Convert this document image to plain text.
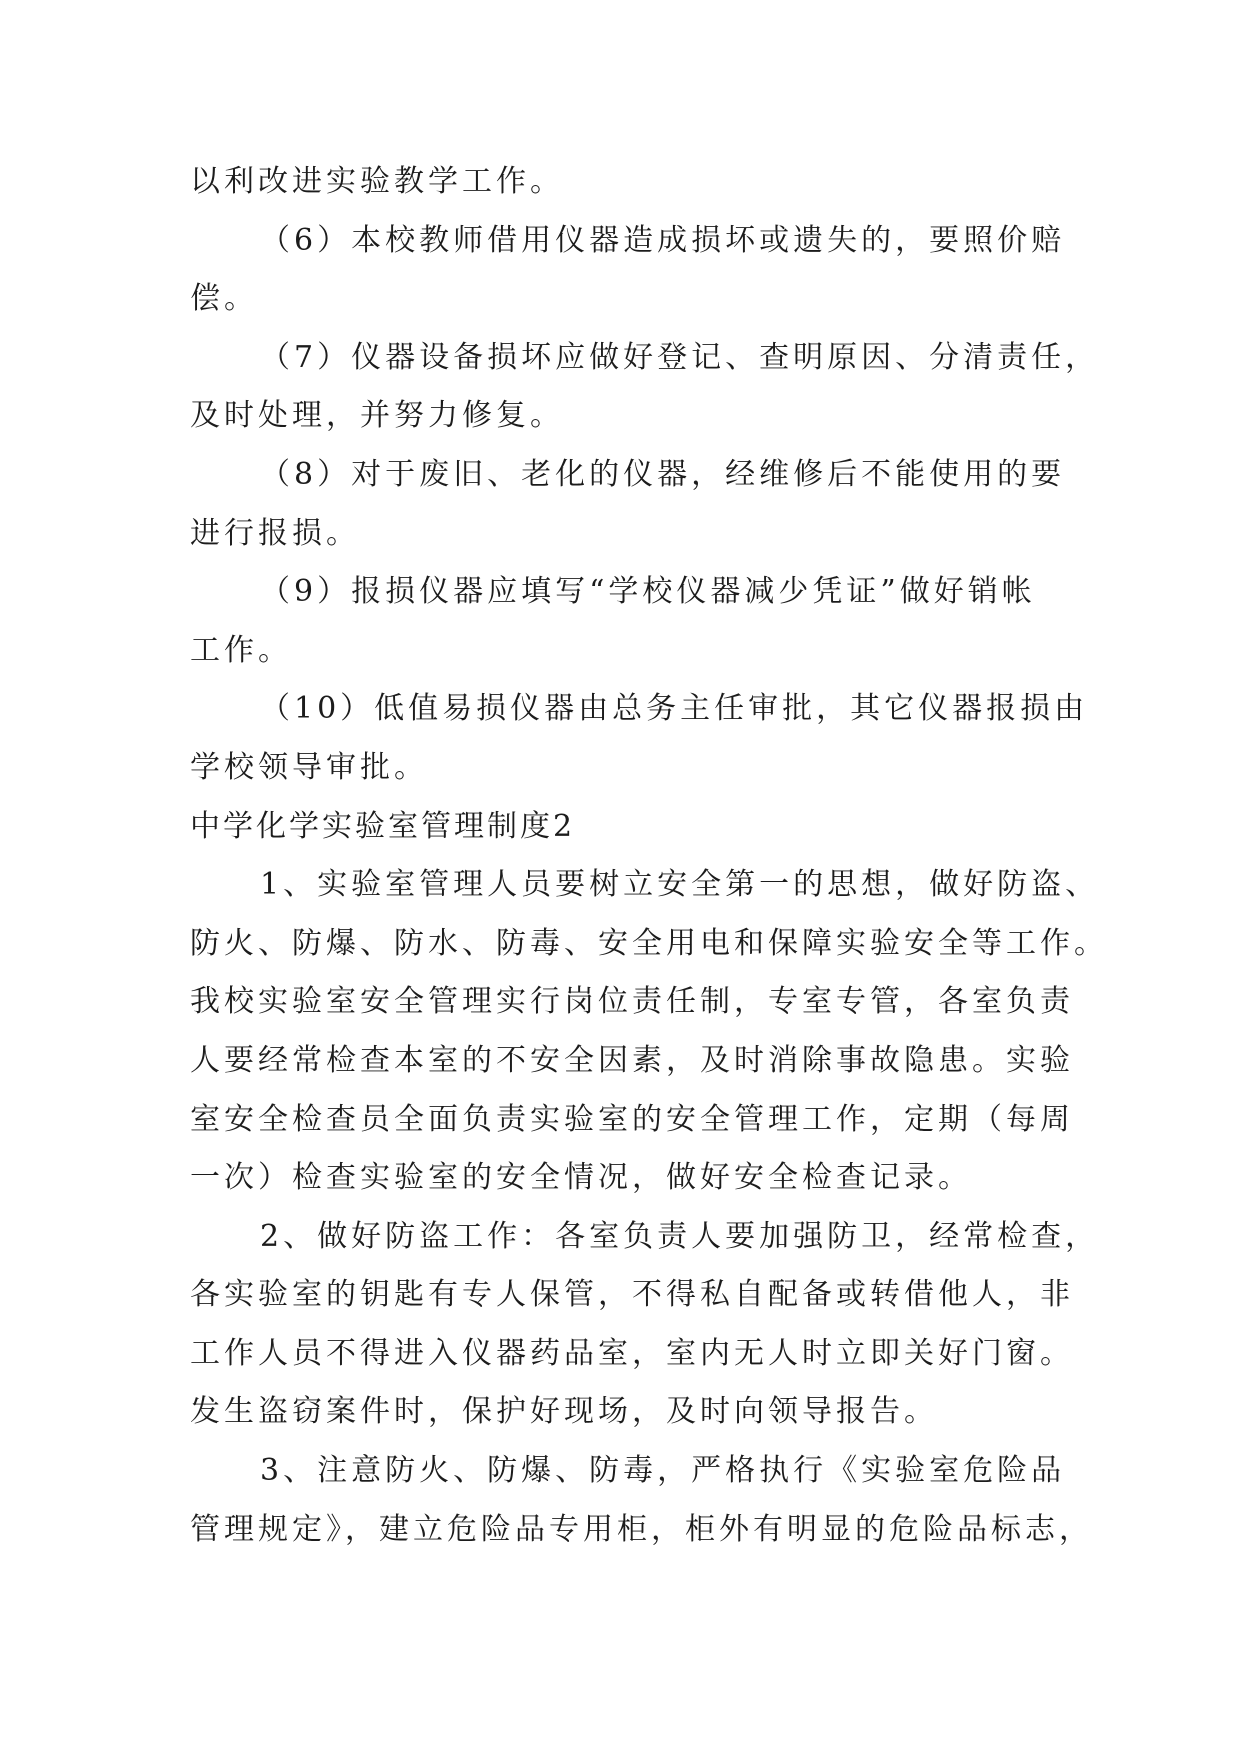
以利改进实验教学工作。
（6）本校教师借用仪器造成损坏或遗失的，要照价赔
偿。
（7）仪器设备损坏应做好登记、查明原因、分清责任，
及时处理，并努力修复。
（8）对于废旧、老化的仪器，经维修后不能使用的要
进行报损。
（9）报损仪器应填写“学校仪器减少凭证”做好销帐
工作。
（10）低值易损仪器由总务主任审批，其它仪器报损由
学校领导审批。
中学化学实验室管理制度2
1、实验室管理人员要树立安全第一的思想，做好防盗、
防火、防爆、防水、防毒、安全用电和保障实验安全等工作。
我校实验室安全管理实行岗位责任制，专室专管，各室负责
人要经常检查本室的不安全因素，及时消除事故隐患。实验
室安全检查员全面负责实验室的安全管理工作，定期（每周
一次）检查实验室的安全情况，做好安全检查记录。
2、做好防盗工作：各室负责人要加强防卫，经常检查，
各实验室的钥匙有专人保管，不得私自配备或转借他人，非
工作人员不得进入仪器药品室，室内无人时立即关好门窗。
发生盗窃案件时，保护好现场，及时向领导报告。
3、注意防火、防爆、防毒，严格执行《实验室危险品
管理规定》，建立危险品专用柜，柜外有明显的危险品标志，
